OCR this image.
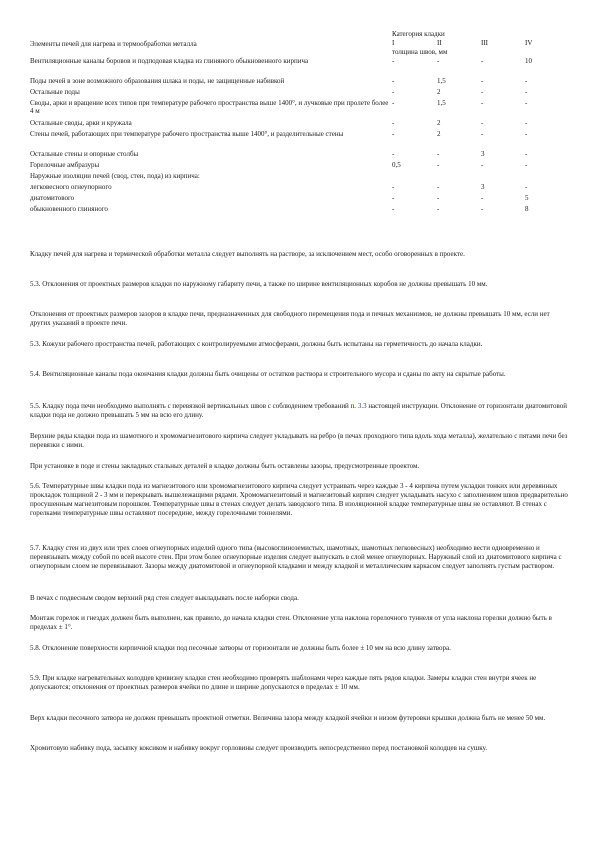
Элементы печей для нагрева и термообработки металла	Категория кладки			
	I	II	III	IV
	толщина швов, мм			
Вентиляционные каналы боровов и подподовая кладка из глиняного обыкновенного кирпича	-	-	-	10
Поды печей в зоне возможного образования шлака и поды, не защищенные набивкой	-	1,5	-	-
Остальные поды	-	2	-	-
Своды, арки и вращение всех типов при температуре рабочего пространства выше 1400°, и лучковые при пролете более 4 м	-	1,5	-	-
Остальные своды, арки и кружала	-	2	-	-
Стены печей, работающих при температуре рабочего пространства выше 1400°, и разделительные стены	-	2	-	-
Остальные стены и опорные столбы	-	-	3	-
Горелочные амбразуры	0,5	-	-	-
Наружные изоляции печей (свод, стен, пода) из кирпича:				
легковесного огнеупорного	-	-	3	-
диатомитового	-	-	-	5
обыкновенного глиняного	-	-	-	8

Кладку печей для нагрева и термической обработки металла следует выполнять на растворе, за исключением мест, особо оговоренных в проекте.

5.3. Отклонения от проектных размеров кладки по наружному габариту печи, а также по ширине вентиляционных коробов не должны превышать 10 мм.

Отклонения от проектных размеров зазоров в кладке печи, предназначенных для свободного перемещения пода и печных механизмов, не должны превышать 10 мм, если нет других указаний в проекте печи.

5.3. Кожухи рабочего пространства печей, работающих с контролируемыми атмосферами, должны быть испытаны на герметичность до начала кладки.

5.4. Вентиляционные каналы пода окончания кладки должны быть очищены от остатков раствора и строительного мусора и сданы по акту на скрытые работы.

5.5. Кладку пода печи необходимо выполнять с перевязкой вертикальных швов с соблюдением требований п. 3.3 настоящей инструкции. Отклонение от горизонтали диатомитовой кладки пода не должно превышать 5 мм на всю его длину.

Верхние ряды кладки пода из шамотного и хромомагнезитового кирпича следует укладывать на ребро (в печах проходного типа вдоль хода металла), желательно с пятами печи без перевязки с ними.

При установке в поде и стены закладных стальных деталей в кладке должны быть оставлены зазоры, предусмотренные проектом.

5.6. Температурные швы кладки пода из магнезитового или хромомагнезитового кирпича следует устраивать через каждые 3 - 4 кирпича путем укладки тонких или деревянных прокладок толщиной 2 - 3 мм и перекрывать вышележащими рядами. Хромомагнезитовый и магнезитовый кирпич следует укладывать насухо с заполнением швов предварительно просушенным магнезитовым порошком. Температурные швы в стенах следует делать заводского типа. В изоляционной кладке температурные швы не оставляют. В стенах с горелками температурные швы оставляют посередине, между горелочными тоннелями.

5.7. Кладку стен из двух или трех слоев огнеупорных изделий одного типа (высокоглиноземистых, шамотных, шамотных легковесных) необходимо вести одновременно и перевязывать между собой по всей высоте стен. При этом более огнеупорные изделия следует выпускать в слой менее огнеупорных. Наружный слой из диатомитового кирпича с огнеупорным слоем не перевязывают. Зазоры между диатомитовой и огнеупорной кладками и между кладкой и металлическим каркасом следует заполнять густым раствором.

В печах с подвесным сводом верхний ряд стен следует выкладывать после наборки свода.

Монтаж горелок и гнездах должен быть выполнен, как правило, до начала кладки стен. Отклонение угла наклона горелочного туннеля от угла наклона горелки должно быть в пределах ± 1°.

5.8. Отклонение поверхности кирпичной кладки под песочные затворы от горизонтали не должны быть более ± 10 мм на всю длину затвора.

5.9. При кладке нагревательных колодцев кривизну кладки стен необходимо проверять шаблонами через каждые пять рядов кладки. Замеры кладки стен внутри ячеек не допускаются; отклонения от проектных размеров ячейки по длине и ширине допускаются в пределах ± 10 мм.

Верх кладки песочного затвора не должен превышать проектной отметки. Величина зазора между кладкой ячейки и низом футеровки крышки должна быть не менее 50 мм.

Хромитовую набивку пода, засыпку коксиком и набивку вокруг горловины следует производить непосредственно перед постановкой колодцев на сушку.
